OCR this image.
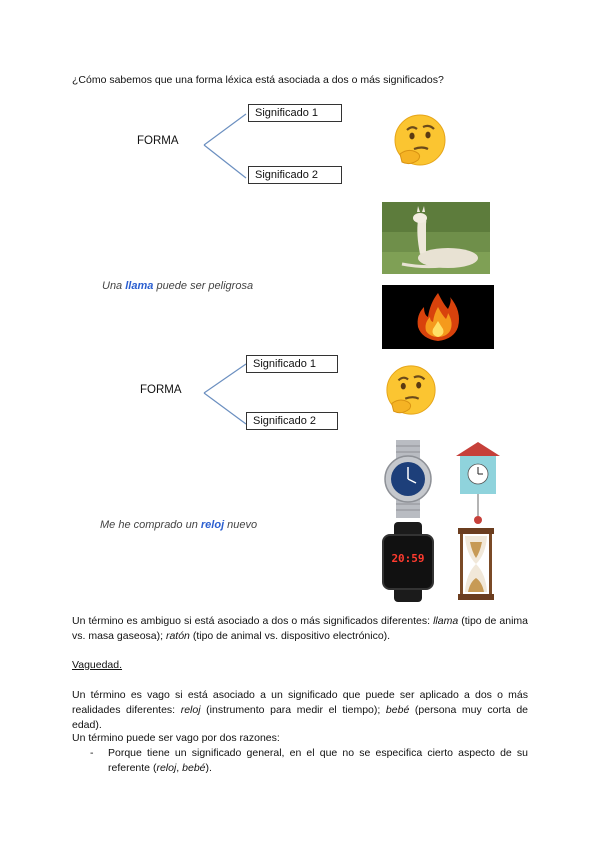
¿Cómo sabemos que una forma léxica está asociada a dos o más significados?
FORMA
Significado 1
Significado 2
Una llama puede ser peligrosa
FORMA
Significado 1
Significado 2
Me he comprado un reloj nuevo
20:59
Un término es ambiguo si está asociado a dos o más significados diferentes: llama (tipo de anima vs. masa gaseosa); ratón (tipo de animal vs. dispositivo electrónico).
Vaguedad.
Un término es vago si está asociado a un significado que puede ser aplicado a dos o más realidades diferentes: reloj (instrumento para medir el tiempo); bebé (persona muy corta de edad).
Un término puede ser vago por dos razones:
- Porque tiene un significado general, en el que no se especifica cierto aspecto de su referente (reloj, bebé).
